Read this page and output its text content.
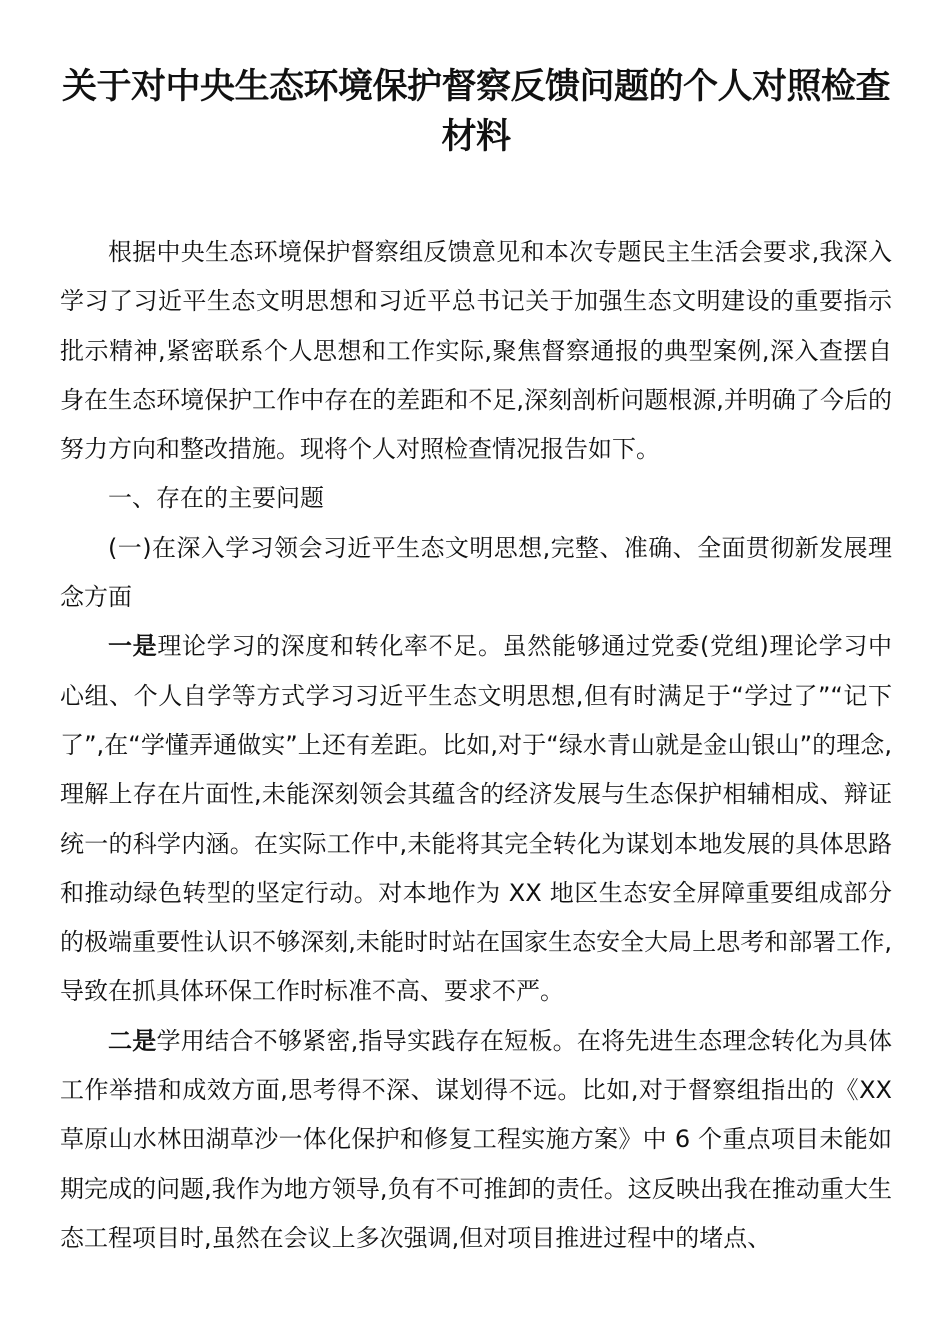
关于对中央生态环境保护督察反馈问题的个人对照检查材料

根据中央生态环境保护督察组反馈意见和本次专题民主生活会要求,我深入学习了习近平生态文明思想和习近平总书记关于加强生态文明建设的重要指示批示精神,紧密联系个人思想和工作实际,聚焦督察通报的典型案例,深入查摆自身在生态环境保护工作中存在的差距和不足,深刻剖析问题根源,并明确了今后的努力方向和整改措施。现将个人对照检查情况报告如下。

一、存在的主要问题

(一)在深入学习领会习近平生态文明思想,完整、准确、全面贯彻新发展理念方面

一是理论学习的深度和转化率不足。虽然能够通过党委(党组)理论学习中心组、个人自学等方式学习习近平生态文明思想,但有时满足于“学过了”“记下了”,在“学懂弄通做实”上还有差距。比如,对于“绿水青山就是金山银山”的理念,理解上存在片面性,未能深刻领会其蕴含的经济发展与生态保护相辅相成、辩证统一的科学内涵。在实际工作中,未能将其完全转化为谋划本地发展的具体思路和推动绿色转型的坚定行动。对本地作为 XX 地区生态安全屏障重要组成部分的极端重要性认识不够深刻,未能时时站在国家生态安全大局上思考和部署工作,导致在抓具体环保工作时标准不高、要求不严。

二是学用结合不够紧密,指导实践存在短板。在将先进生态理念转化为具体工作举措和成效方面,思考得不深、谋划得不远。比如,对于督察组指出的《XX 草原山水林田湖草沙一体化保护和修复工程实施方案》中 6 个重点项目未能如期完成的问题,我作为地方领导,负有不可推卸的责任。这反映出我在推动重大生态工程项目时,虽然在会议上多次强调,但对项目推进过程中的堵点、
